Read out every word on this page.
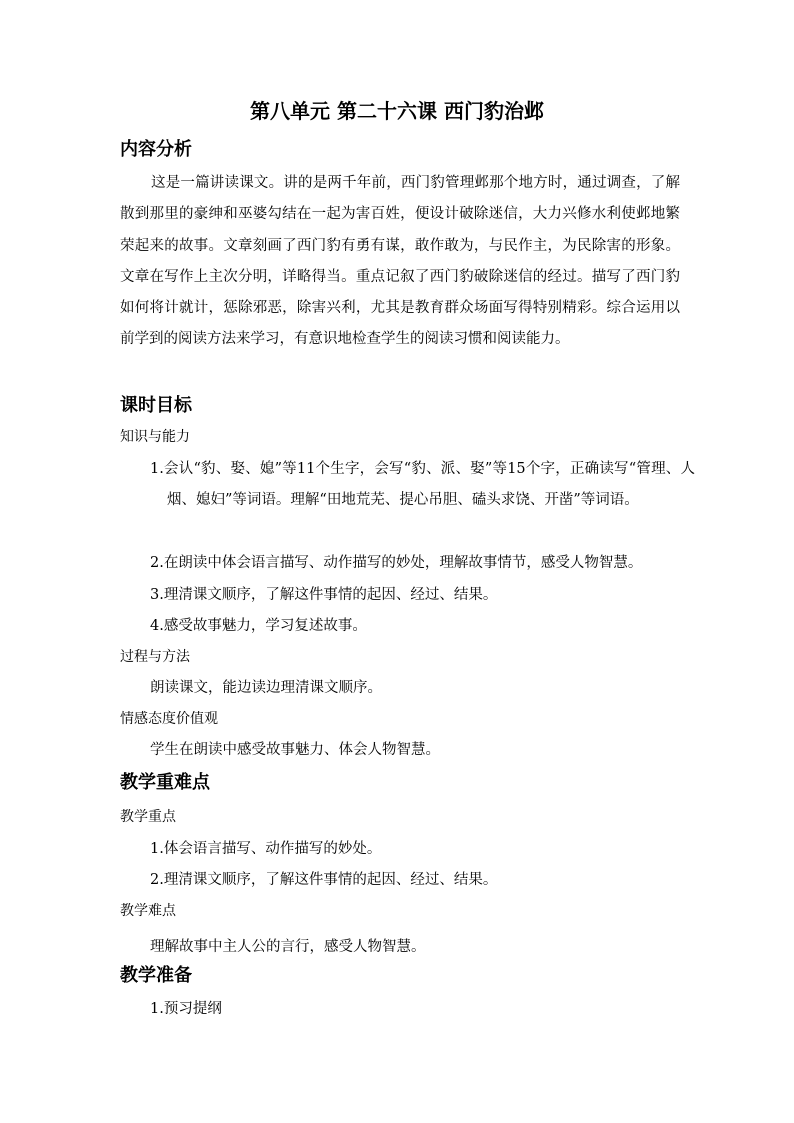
第八单元 第二十六课 西门豹治邺
内容分析
这是一篇讲读课文。讲的是两千年前，西门豹管理邺那个地方时，通过调查，了解散到那里的豪绅和巫婆勾结在一起为害百姓，便设计破除迷信，大力兴修水利使邺地繁荣起来的故事。文章刻画了西门豹有勇有谋，敢作敢为，与民作主，为民除害的形象。文章在写作上主次分明，详略得当。重点记叙了西门豹破除迷信的经过。描写了西门豹如何将计就计，惩除邪恶，除害兴利，尤其是教育群众场面写得特别精彩。综合运用以前学到的阅读方法来学习，有意识地检查学生的阅读习惯和阅读能力。
课时目标
知识与能力
1.会认“豹、娶、媳”等11个生字，会写“豹、派、娶”等15个字，正确读写“管理、人烟、媳妇”等词语。理解“田地荒芜、提心吊胆、磕头求饶、开凿”等词语。
2.在朗读中体会语言描写、动作描写的妙处，理解故事情节，感受人物智慧。
3.理清课文顺序，了解这件事情的起因、经过、结果。
4.感受故事魅力，学习复述故事。
过程与方法
朗读课文，能边读边理清课文顺序。
情感态度价值观
学生在朗读中感受故事魅力、体会人物智慧。
教学重难点
教学重点
1.体会语言描写、动作描写的妙处。
2.理清课文顺序，了解这件事情的起因、经过、结果。
教学难点
理解故事中主人公的言行，感受人物智慧。
教学准备
1.预习提纲
